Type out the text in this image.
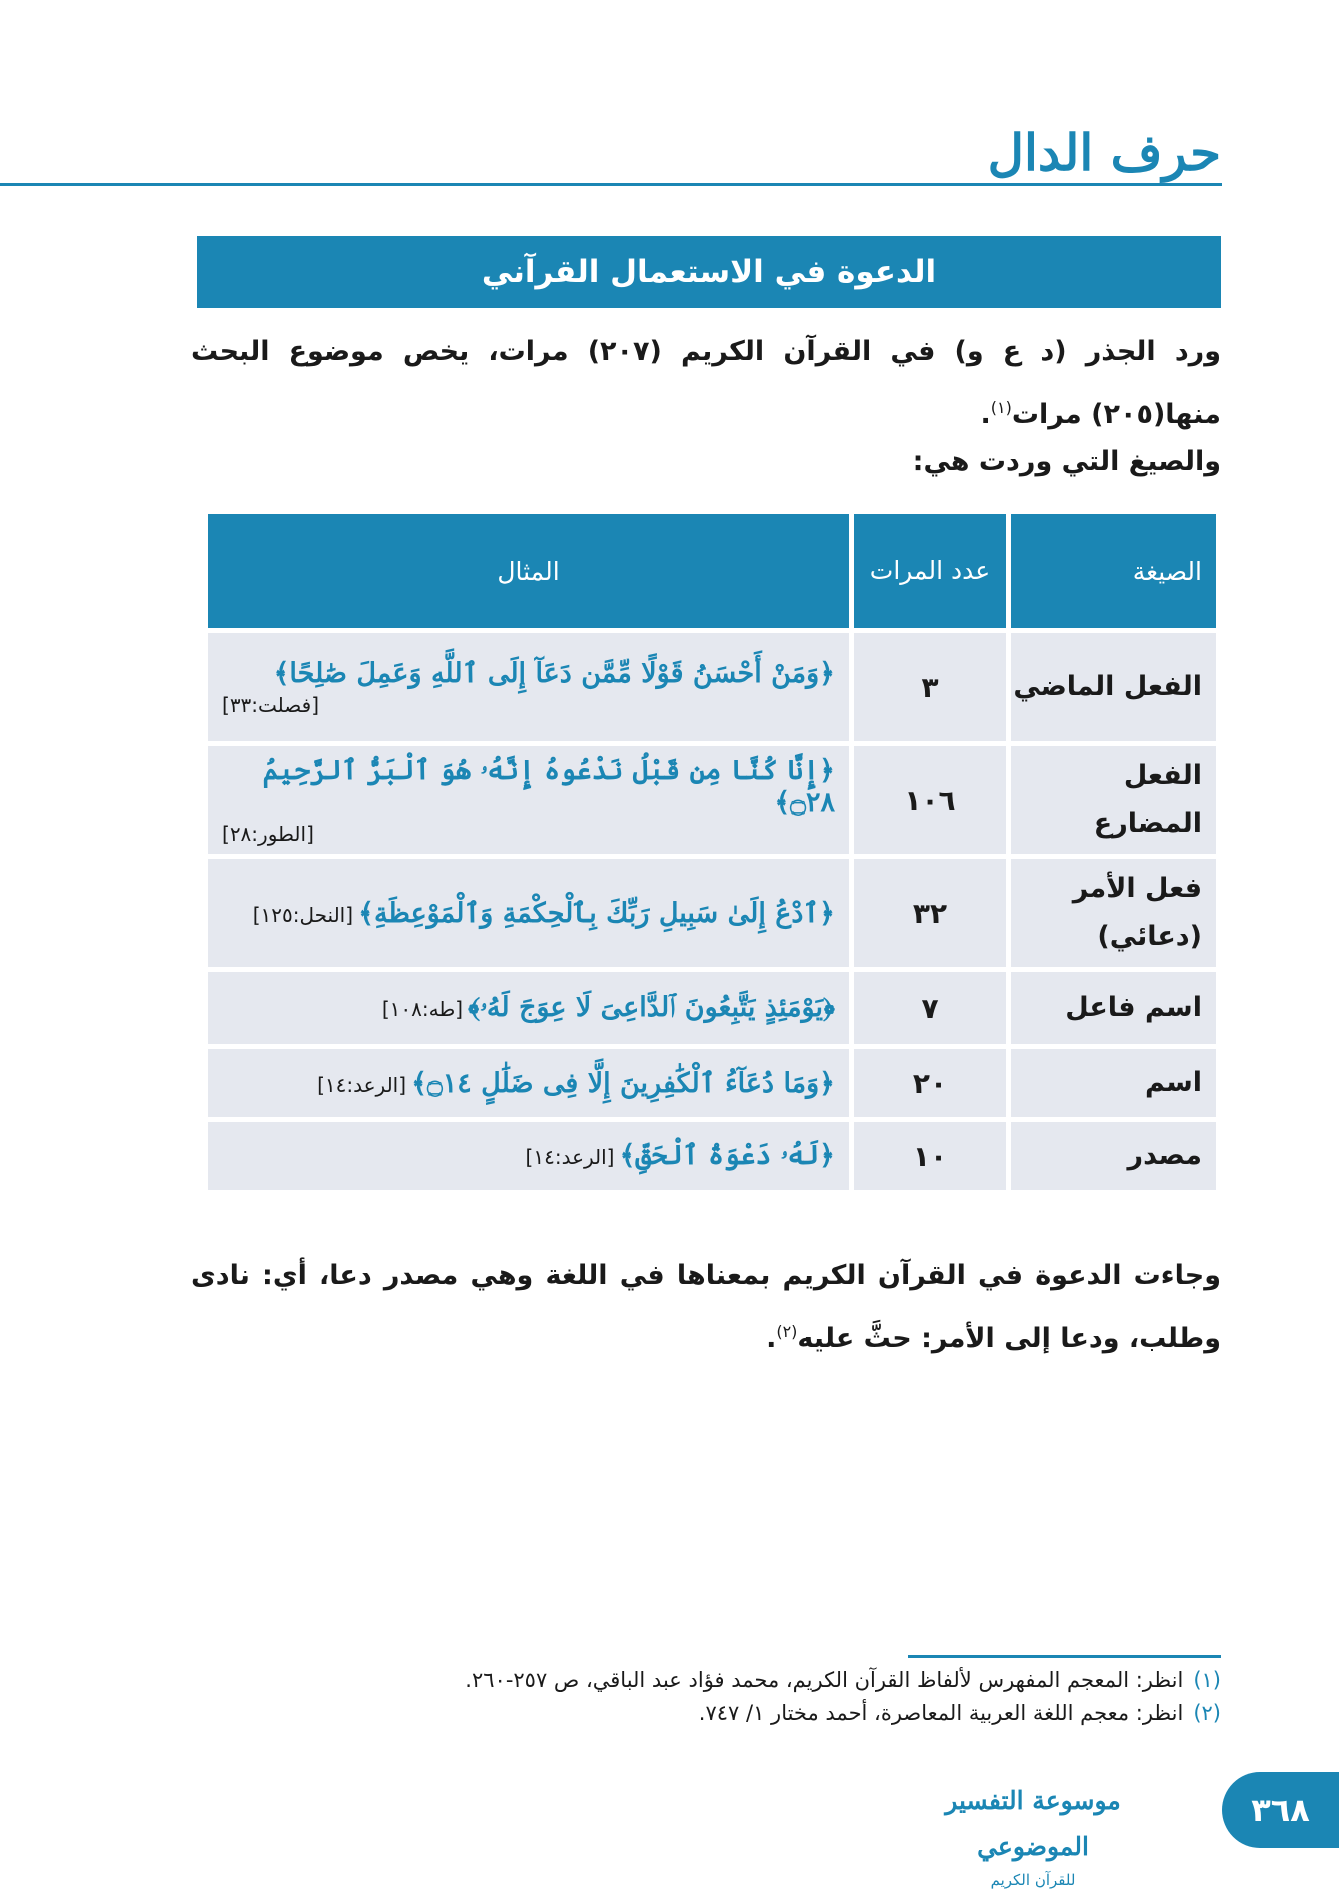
حرف الدال
الدعوة في الاستعمال القرآني

ورد الجذر (د ع و) في القرآن الكريم (٢٠٧) مرات، يخص موضوع البحث منها(٢٠٥) مرات$^{(١)}$.

والصيغ التي وردت هي:

الصيغة	عدد المرات	المثال
الفعل الماضي	٣	﴿وَمَنْ أَحْسَنُ قَوْلًا مِّمَّن دَعَآ إِلَى ٱللَّهِ وَعَمِلَ صَٰلِحًا﴾
[فصلت:٣٣]

الفعل المضارع	١٠٦	﴿إِنَّا كُنَّا مِن قَبْلُ نَدْعُوهُ إِنَّهُۥ هُوَ ٱلْبَرُّ ٱلرَّحِيمُ ۝٢٨﴾
[الطور:٢٨]

فعل الأمر (دعائي)	٣٢	﴿ٱدْعُ إِلَىٰ سَبِيلِ رَبِّكَ بِٱلْحِكْمَةِ وَٱلْمَوْعِظَةِ﴾ [النحل:١٢٥]
اسم فاعل	٧	﴿يَوْمَئِذٍ يَتَّبِعُونَ ٱلدَّاعِىَ لَا عِوَجَ لَهُۥ﴾ [طه:١٠٨]
اسم	٢٠	﴿وَمَا دُعَآءُ ٱلْكَٰفِرِينَ إِلَّا فِى ضَلَٰلٍ ۝١٤﴾ [الرعد:١٤]
مصدر	١٠	﴿لَهُۥ دَعْوَةُ ٱلْحَقِّ﴾ [الرعد:١٤]

وجاءت الدعوة في القرآن الكريم بمعناها في اللغة وهي مصدر دعا، أي: نادى وطلب، ودعا إلى الأمر: حثَّ عليه$^{(٢)}$.

(١)انظر: المعجم المفهرس لألفاظ القرآن الكريم، محمد فؤاد عبد الباقي، ص ٢٥٧-٢٦٠.

(٢)انظر: معجم اللغة العربية المعاصرة، أحمد مختار ١/ ٧٤٧.

موسوعة التفسير الموضوعي
للقرآن الكريم
٣٦٨
